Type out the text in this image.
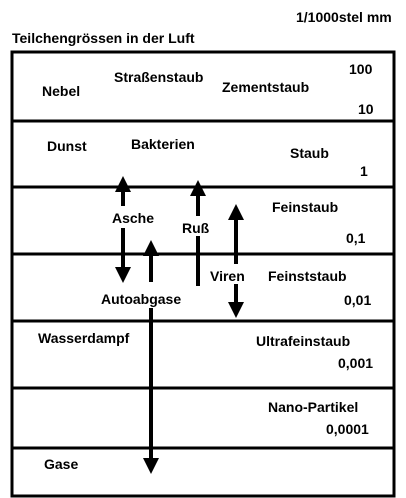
1/1000stel mm
Teilchengrössen in der Luft
100
10
1
0,1
0,01
0,001
0,0001
Nebel
Straßenstaub
Zementstaub
Dunst	Bakterien
Staub
Asche
Ruß
Feinstaub
Viren Feinststaub
Autoabgase
Wasserdampf	Ultrafeinstaub
Nano-Partikel
Gase
